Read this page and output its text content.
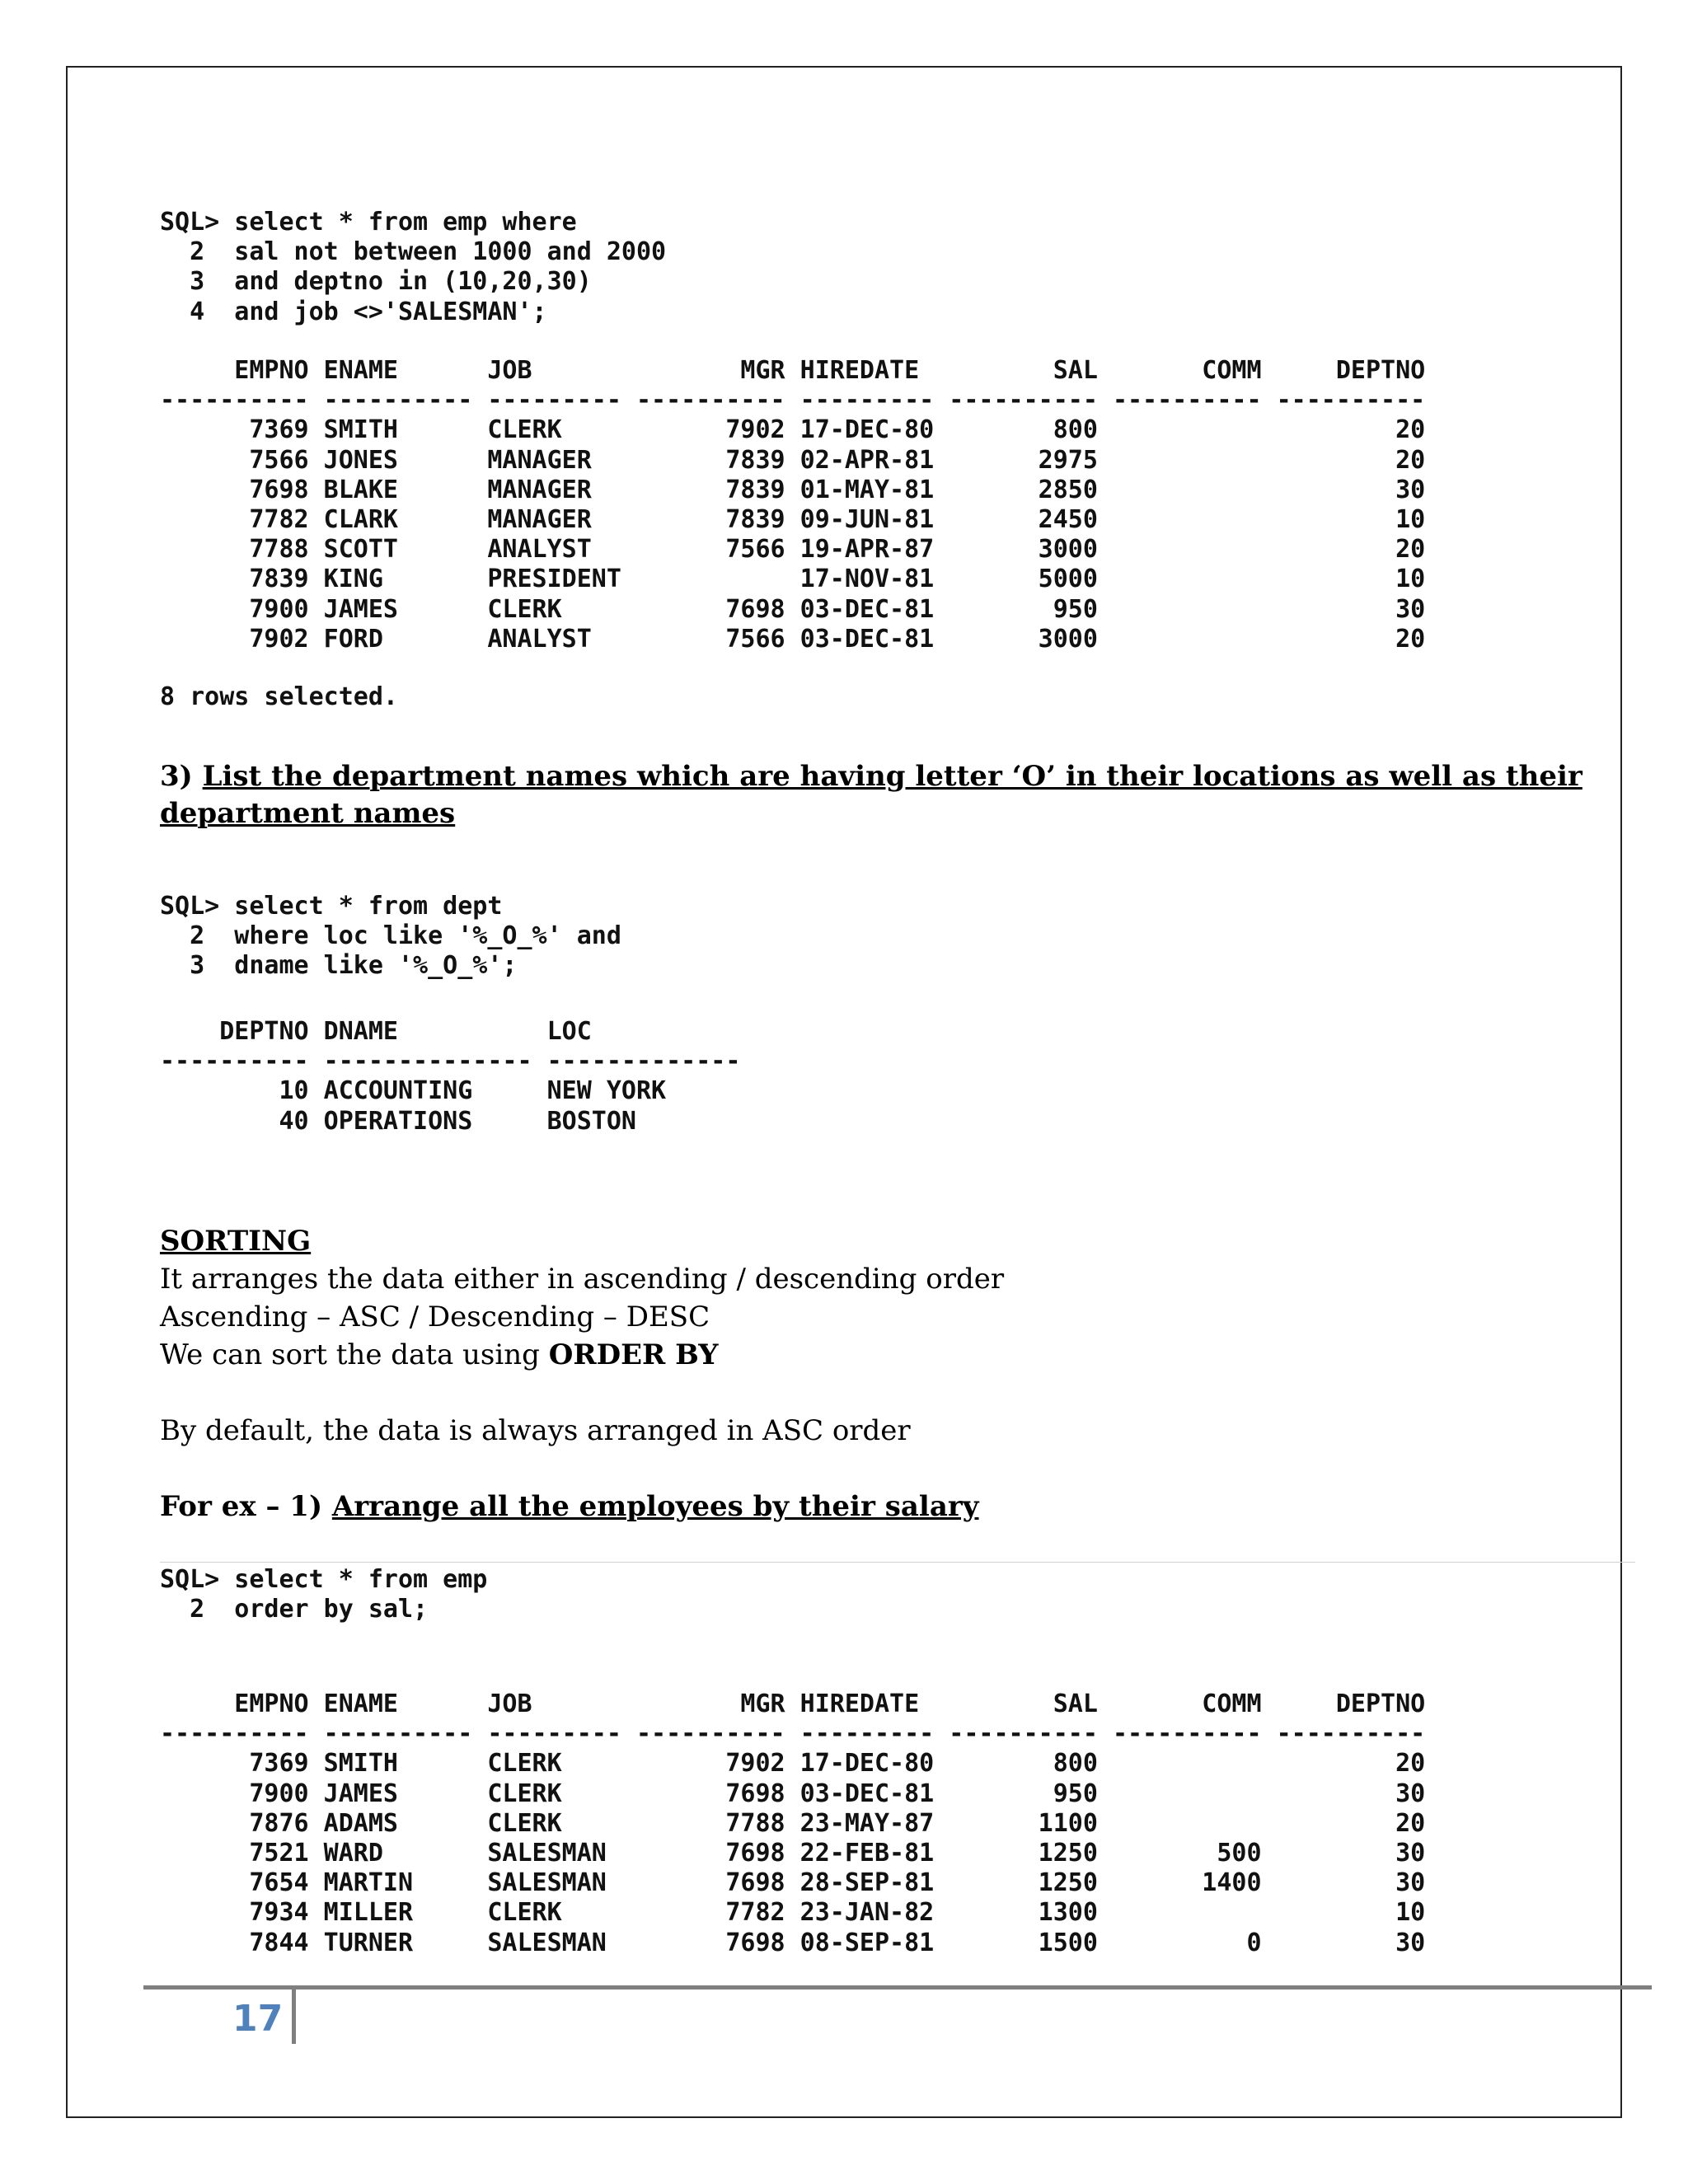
SQL> select * from emp where
2  sal not between 1000 and 2000
3  and deptno in (10,20,30)
4  and job <>'SALESMAN';
EMPNO ENAME      JOB              MGR HIREDATE         SAL       COMM     DEPTNO
---------- ---------- --------- ---------- --------- ---------- ---------- ----------
7369 SMITH      CLERK           7902 17-DEC-80        800                    20
7566 JONES      MANAGER         7839 02-APR-81       2975                    20
7698 BLAKE      MANAGER         7839 01-MAY-81       2850                    30
7782 CLARK      MANAGER         7839 09-JUN-81       2450                    10
7788 SCOTT      ANALYST         7566 19-APR-87       3000                    20
7839 KING       PRESIDENT            17-NOV-81       5000                    10
7900 JAMES      CLERK           7698 03-DEC-81        950                    30
7902 FORD       ANALYST         7566 03-DEC-81       3000                    20
8 rows selected.
3) List the department names which are having letter ‘O’ in their locations as well as their department names
SQL> select * from dept
2  where loc like '%_O_%' and
3  dname like '%_O_%';
DEPTNO DNAME          LOC
---------- -------------- -------------
10 ACCOUNTING     NEW YORK
40 OPERATIONS     BOSTON
SORTING
It arranges the data either in ascending / descending order
Ascending – ASC / Descending – DESC
We can sort the data using ORDER BY
By default, the data is always arranged in ASC order
For ex – 1) Arrange all the employees by their salary
SQL> select * from emp
2  order by sal;
EMPNO ENAME      JOB              MGR HIREDATE         SAL       COMM     DEPTNO
---------- ---------- --------- ---------- --------- ---------- ---------- ----------
7369 SMITH      CLERK           7902 17-DEC-80        800                    20
7900 JAMES      CLERK           7698 03-DEC-81        950                    30
7876 ADAMS      CLERK           7788 23-MAY-87       1100                    20
7521 WARD       SALESMAN        7698 22-FEB-81       1250        500         30
7654 MARTIN     SALESMAN        7698 28-SEP-81       1250       1400         30
7934 MILLER     CLERK           7782 23-JAN-82       1300                    10
7844 TURNER     SALESMAN        7698 08-SEP-81       1500          0         30
17
